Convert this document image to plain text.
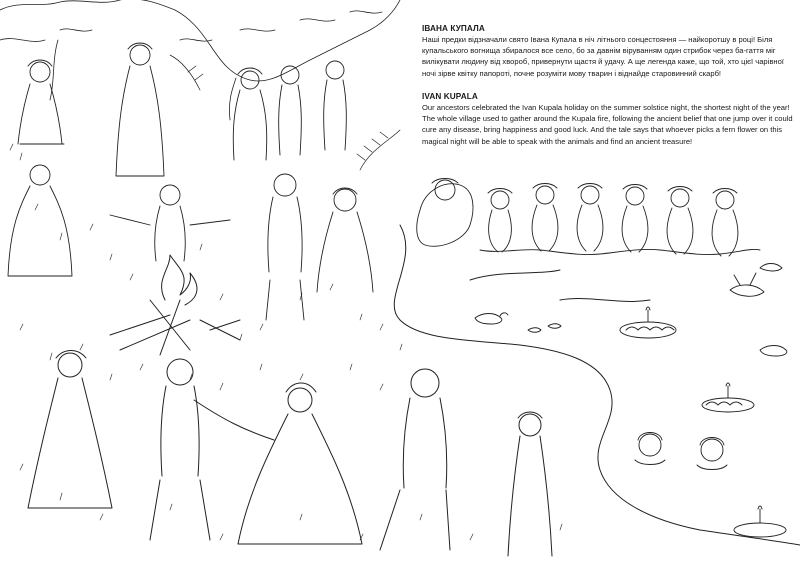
ІВАНА КУПАЛА

Наші предки відзначали свято Івана Купала в ніч літнього сонцестояння — найкоротшу в році! Біля купальського вогнища збиралося все село, бо за давнім віруванням один стрибок через ба-гаття міг вилікувати людину від хвороб, привернути щастя й удачу. А ще легенда каже, що той, хто цієї чарівної ночі зірве квітку папороті, почне розуміти мову тварин і віднайде старовинний скарб!

IVAN KUPALA

Our ancestors celebrated the Ivan Kupala holiday on the summer solstice night, the shortest night of the year! The whole village used to gather around the Kupala fire, following the ancient belief that one jump over it could cure any disease, bring happiness and good luck. And the tale says that whoever picks a fern flower on this magical night will be able to speak with the animals and find an ancient treasure!
